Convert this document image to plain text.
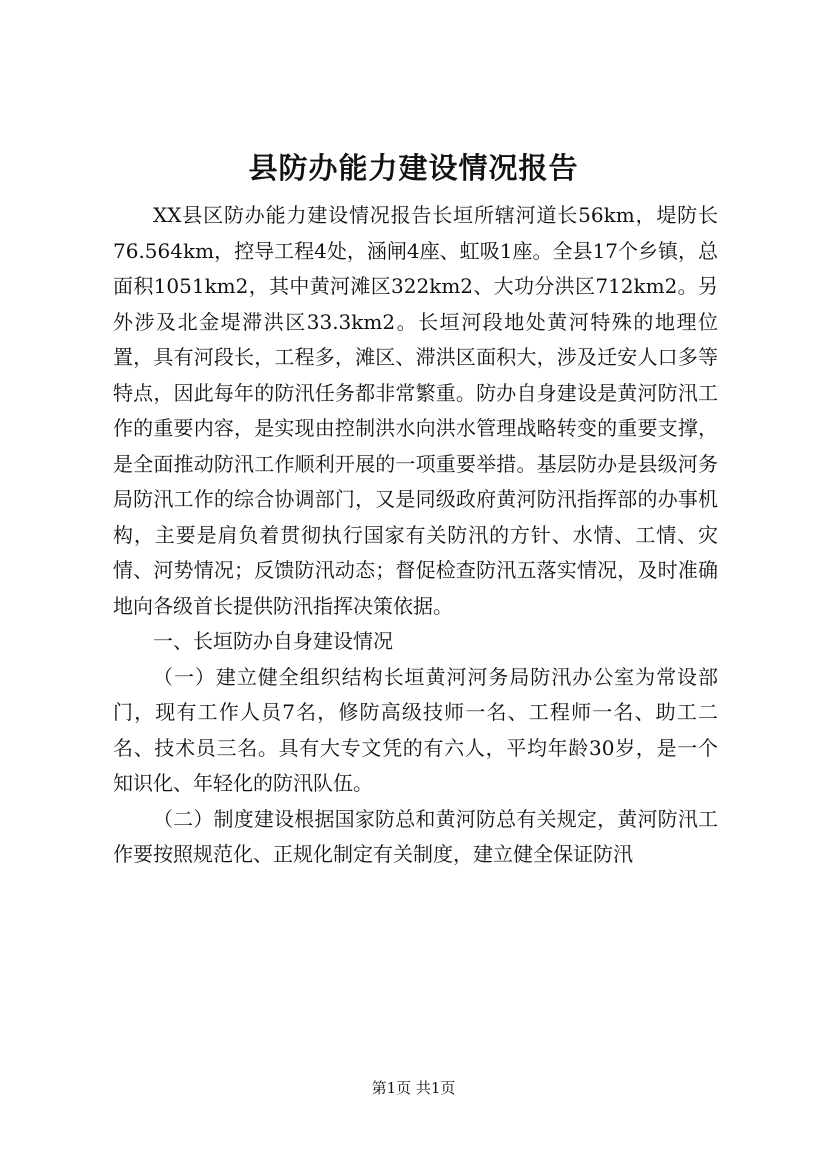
县防办能力建设情况报告

XX县区防办能力建设情况报告长垣所辖河道长56km，堤防长76.564km，控导工程4处，涵闸4座、虹吸1座。全县17个乡镇，总面积1051km2，其中黄河滩区322km2、大功分洪区712km2。另外涉及北金堤滞洪区33.3km2。长垣河段地处黄河特殊的地理位置，具有河段长，工程多，滩区、滞洪区面积大，涉及迁安人口多等特点，因此每年的防汛任务都非常繁重。防办自身建设是黄河防汛工作的重要内容，是实现由控制洪水向洪水管理战略转变的重要支撑，是全面推动防汛工作顺利开展的一项重要举措。基层防办是县级河务局防汛工作的综合协调部门，又是同级政府黄河防汛指挥部的办事机构，主要是肩负着贯彻执行国家有关防汛的方针、水情、工情、灾情、河势情况；反馈防汛动态；督促检查防汛五落实情况，及时准确地向各级首长提供防汛指挥决策依据。

一、长垣防办自身建设情况

（一）建立健全组织结构长垣黄河河务局防汛办公室为常设部门，现有工作人员7名，修防高级技师一名、工程师一名、助工二名、技术员三名。具有大专文凭的有六人，平均年龄30岁，是一个知识化、年轻化的防汛队伍。

（二）制度建设根据国家防总和黄河防总有关规定，黄河防汛工作要按照规范化、正规化制定有关制度，建立健全保证防汛

第1页 共1页
